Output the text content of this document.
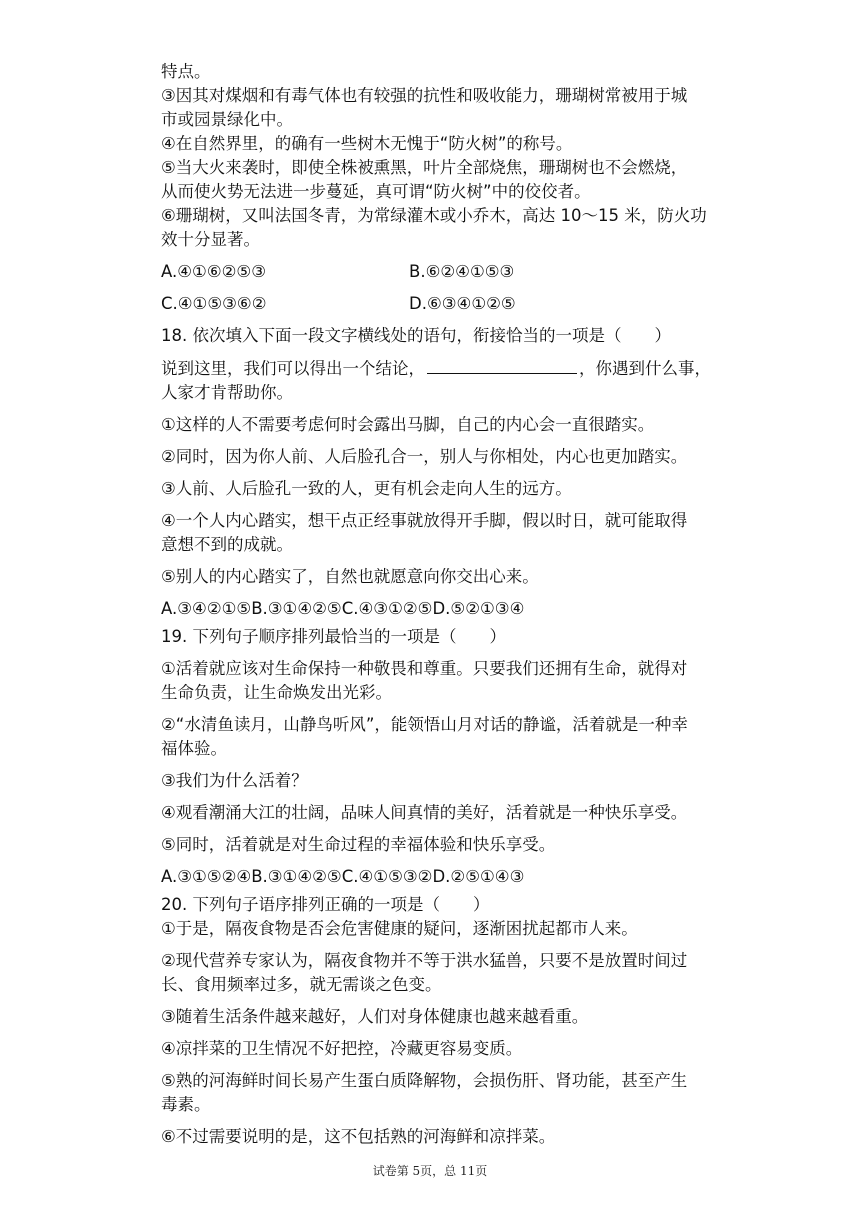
特点。
③因其对煤烟和有毒气体也有较强的抗性和吸收能力，珊瑚树常被用于城
市或园景绿化中。
④在自然界里，的确有一些树木无愧于“防火树”的称号。
⑤当大火来袭时，即使全株被熏黑，叶片全部烧焦，珊瑚树也不会燃烧，
从而使火势无法进一步蔓延，真可谓“防火树”中的佼佼者。
⑥珊瑚树，又叫法国冬青，为常绿灌木或小乔木，高达 10～15 米，防火功
效十分显著。
A.④①⑥②⑤③	B.⑥②④①⑤③
C.④①⑤③⑥②	D.⑥③④①②⑤
18. 依次填入下面一段文字横线处的语句，衔接恰当的一项是（　　）
说到这里，我们可以得出一个结论，	，你遇到什么事，
人家才肯帮助你。
①这样的人不需要考虑何时会露出马脚，自己的内心会一直很踏实。
②同时，因为你人前、人后脸孔合一，别人与你相处，内心也更加踏实。
③人前、人后脸孔一致的人，更有机会走向人生的远方。
④一个人内心踏实，想干点正经事就放得开手脚，假以时日，就可能取得
意想不到的成就。
⑤别人的内心踏实了，自然也就愿意向你交出心来。
A.③④②①⑤B.③①④②⑤C.④③①②⑤D.⑤②①③④
19. 下列句子顺序排列最恰当的一项是（　　）
①活着就应该对生命保持一种敬畏和尊重。只要我们还拥有生命，就得对
生命负责，让生命焕发出光彩。
②“水清鱼读月，山静鸟听风”，能领悟山月对话的静谧，活着就是一种幸
福体验。
③我们为什么活着？
④观看潮涌大江的壮阔，品味人间真情的美好，活着就是一种快乐享受。
⑤同时，活着就是对生命过程的幸福体验和快乐享受。
A.③①⑤②④B.③①④②⑤C.④①⑤③②D.②⑤①④③
20. 下列句子语序排列正确的一项是（　　）
①于是，隔夜食物是否会危害健康的疑问，逐渐困扰起都市人来。
②现代营养专家认为，隔夜食物并不等于洪水猛兽，只要不是放置时间过
长、食用频率过多，就无需谈之色变。
③随着生活条件越来越好，人们对身体健康也越来越看重。
④凉拌菜的卫生情况不好把控，冷藏更容易变质。
⑤熟的河海鲜时间长易产生蛋白质降解物，会损伤肝、肾功能，甚至产生
毒素。
⑥不过需要说明的是，这不包括熟的河海鲜和凉拌菜。
试卷第 5页，总 11页
